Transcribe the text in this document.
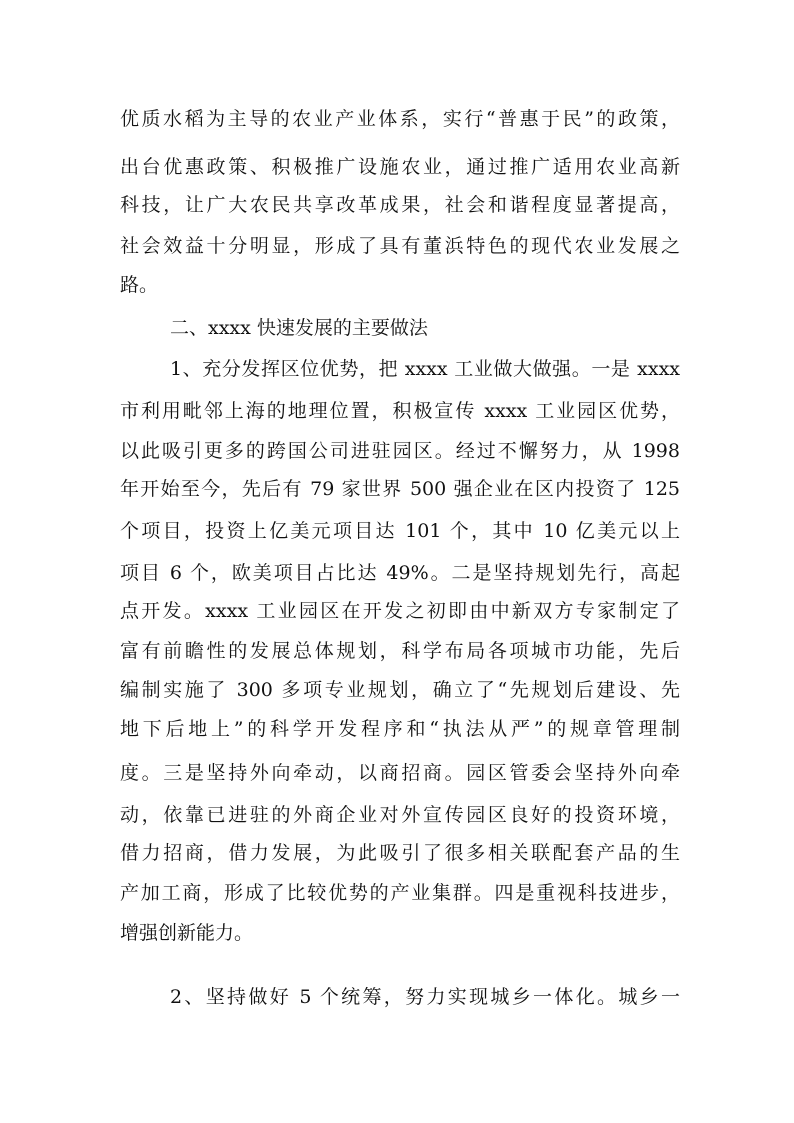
优质水稻为主导的农业产业体系，实行“普惠于民”的政策，
出台优惠政策、积极推广设施农业，通过推广适用农业高新
科技，让广大农民共享改革成果，社会和谐程度显著提高，
社会效益十分明显，形成了具有董浜特色的现代农业发展之
路。
二、xxxx 快速发展的主要做法
1、充分发挥区位优势，把 xxxx 工业做大做强。一是 xxxx
市利用毗邻上海的地理位置，积极宣传 xxxx 工业园区优势，
以此吸引更多的跨国公司进驻园区。经过不懈努力，从 1998
年开始至今，先后有 79 家世界 500 强企业在区内投资了 125
个项目，投资上亿美元项目达 101 个，其中 10 亿美元以上
项目 6 个，欧美项目占比达 49%。二是坚持规划先行，高起
点开发。xxxx 工业园区在开发之初即由中新双方专家制定了
富有前瞻性的发展总体规划，科学布局各项城市功能，先后
编制实施了 300 多项专业规划，确立了“先规划后建设、先
地下后地上”的科学开发程序和“执法从严”的规章管理制
度。三是坚持外向牵动，以商招商。园区管委会坚持外向牵
动，依靠已进驻的外商企业对外宣传园区良好的投资环境，
借力招商，借力发展，为此吸引了很多相关联配套产品的生
产加工商，形成了比较优势的产业集群。四是重视科技进步，
增强创新能力。
2、坚持做好 5 个统筹，努力实现城乡一体化。城乡一
